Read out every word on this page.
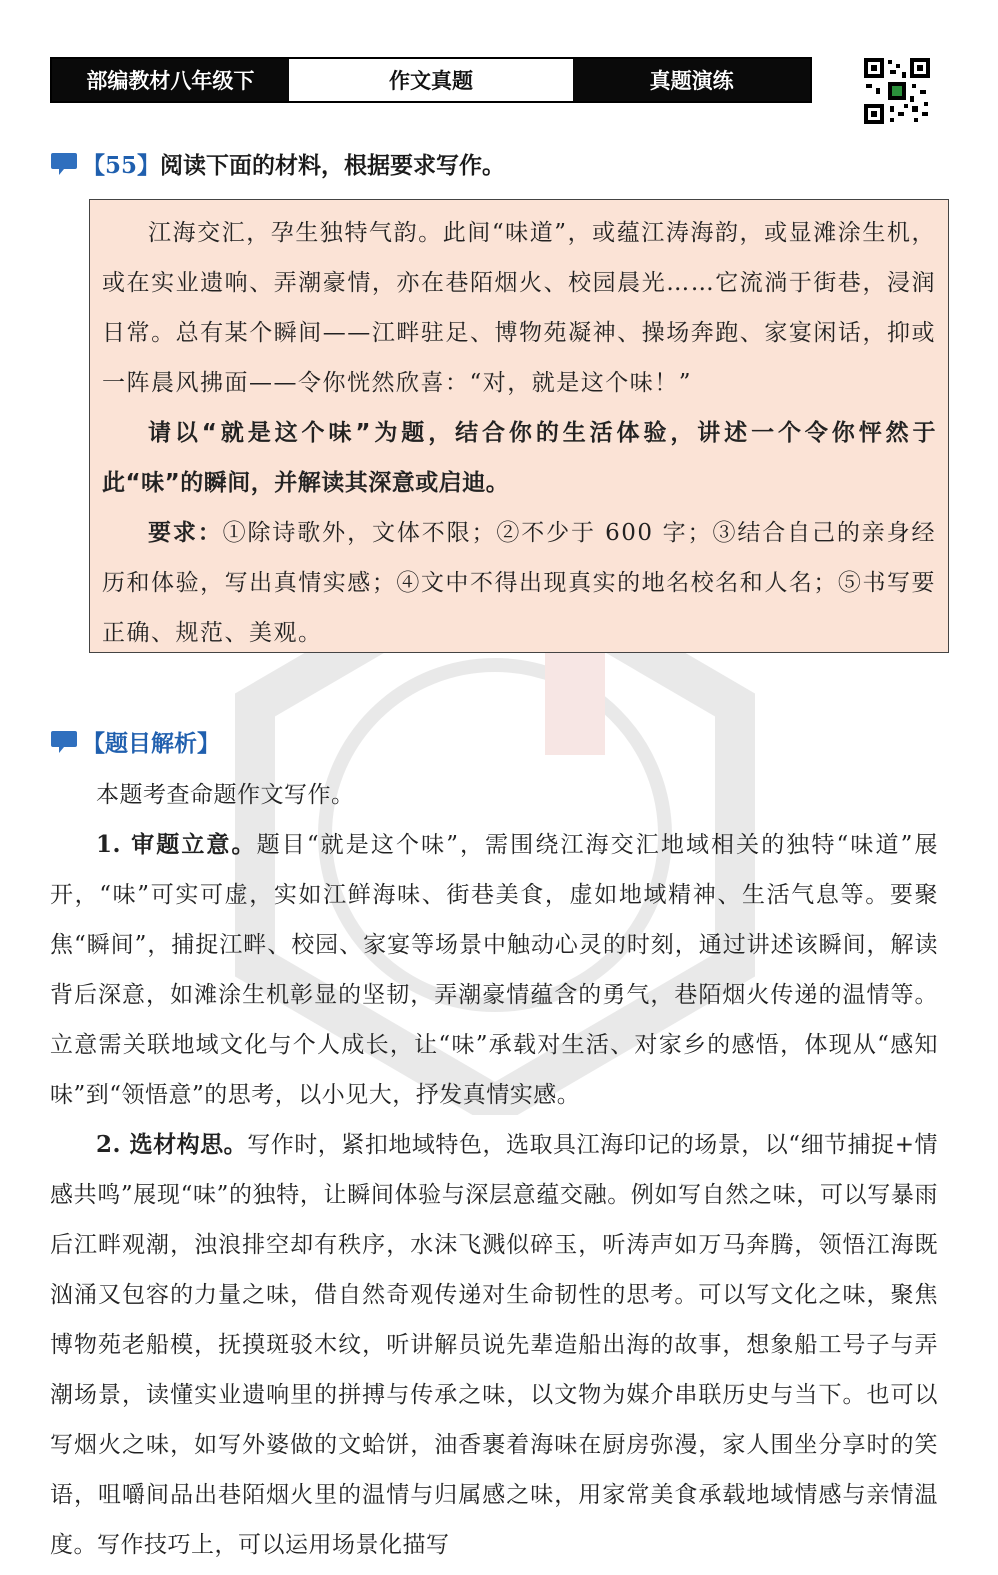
部编教材八年级下	作文真题	真题演练
【55】阅读下面的材料，根据要求写作。

江海交汇，孕生独特气韵。此间“味道”，或蕴江涛海韵，或显滩涂生机，或在实业遗响、弄潮豪情，亦在巷陌烟火、校园晨光……它流淌于街巷，浸润日常。总有某个瞬间——江畔驻足、博物苑凝神、操场奔跑、家宴闲话，抑或一阵晨风拂面——令你恍然欣喜：“对，就是这个味！”

请以“就是这个味”为题，结合你的生活体验，讲述一个令你怦然于此“味”的瞬间，并解读其深意或启迪。

要求：①除诗歌外，文体不限；②不少于 600 字；③结合自己的亲身经历和体验，写出真情实感；④文中不得出现真实的地名校名和人名；⑤书写要正确、规范、美观。

【题目解析】

本题考查命题作文写作。

1. 审题立意。题目“就是这个味”，需围绕江海交汇地域相关的独特“味道”展开，“味”可实可虚，实如江鲜海味、街巷美食，虚如地域精神、生活气息等。要聚焦“瞬间”，捕捉江畔、校园、家宴等场景中触动心灵的时刻，通过讲述该瞬间，解读背后深意，如滩涂生机彰显的坚韧，弄潮豪情蕴含的勇气，巷陌烟火传递的温情等。立意需关联地域文化与个人成长，让“味”承载对生活、对家乡的感悟，体现从“感知味”到“领悟意”的思考，以小见大，抒发真情实感。

2. 选材构思。写作时，紧扣地域特色，选取具江海印记的场景，以“细节捕捉+情感共鸣”展现“味”的独特，让瞬间体验与深层意蕴交融。例如写自然之味，可以写暴雨后江畔观潮，浊浪排空却有秩序，水沫飞溅似碎玉，听涛声如万马奔腾，领悟江海既汹涌又包容的力量之味，借自然奇观传递对生命韧性的思考。可以写文化之味，聚焦博物苑老船模，抚摸斑驳木纹，听讲解员说先辈造船出海的故事，想象船工号子与弄潮场景，读懂实业遗响里的拼搏与传承之味，以文物为媒介串联历史与当下。也可以写烟火之味，如写外婆做的文蛤饼，油香裹着海味在厨房弥漫，家人围坐分享时的笑语，咀嚼间品出巷陌烟火里的温情与归属感之味，用家常美食承载地域情感与亲情温度。写作技巧上，可以运用场景化描写
